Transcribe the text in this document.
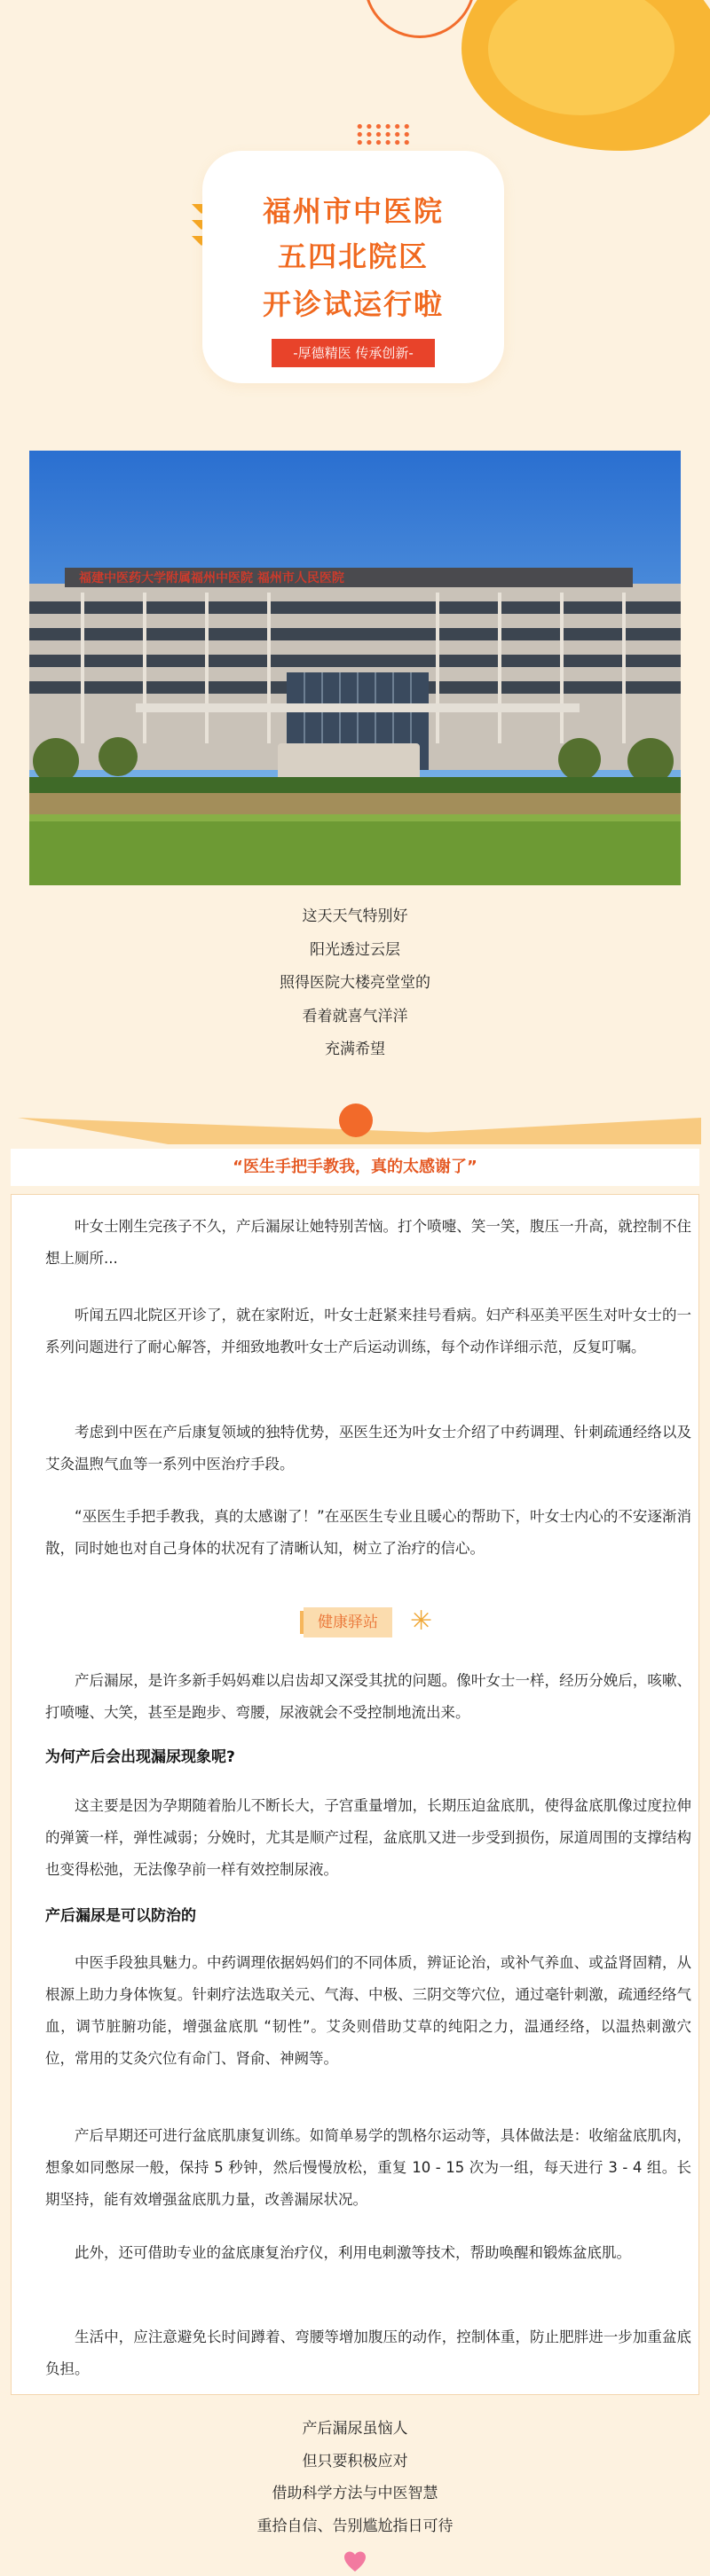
福州市中医院
五四北院区
开诊试运行啦
-厚德精医 传承创新-
福建中医药大学附属福州中医院 福州市人民医院
这天天气特别好
阳光透过云层
照得医院大楼亮堂堂的
看着就喜气洋洋
充满希望
“医生手把手教我，真的太感谢了”
叶女士刚生完孩子不久，产后漏尿让她特别苦恼。打个喷嚏、笑一笑，腹压一升高，就控制不住想上厕所...
听闻五四北院区开诊了，就在家附近，叶女士赶紧来挂号看病。妇产科巫美平医生对叶女士的一系列问题进行了耐心解答，并细致地教叶女士产后运动训练，每个动作详细示范，反复叮嘱。
考虑到中医在产后康复领域的独特优势，巫医生还为叶女士介绍了中药调理、针刺疏通经络以及艾灸温煦气血等一系列中医治疗手段。
“巫医生手把手教我，真的太感谢了！”在巫医生专业且暖心的帮助下，叶女士内心的不安逐渐消散，同时她也对自己身体的状况有了清晰认知，树立了治疗的信心。
健康驿站	✳
产后漏尿，是许多新手妈妈难以启齿却又深受其扰的问题。像叶女士一样，经历分娩后，咳嗽、打喷嚏、大笑，甚至是跑步、弯腰，尿液就会不受控制地流出来。
为何产后会出现漏尿现象呢?
这主要是因为孕期随着胎儿不断长大，子宫重量增加，长期压迫盆底肌，使得盆底肌像过度拉伸的弹簧一样，弹性减弱；分娩时，尤其是顺产过程，盆底肌又进一步受到损伤，尿道周围的支撑结构也变得松弛，无法像孕前一样有效控制尿液。
产后漏尿是可以防治的
中医手段独具魅力。中药调理依据妈妈们的不同体质，辨证论治，或补气养血、或益肾固精，从根源上助力身体恢复。针刺疗法选取关元、气海、中极、三阴交等穴位，通过毫针刺激，疏通经络气血，调节脏腑功能，增强盆底肌 “韧性”。艾灸则借助艾草的纯阳之力，温通经络，以温热刺激穴位，常用的艾灸穴位有命门、肾俞、神阙等。
产后早期还可进行盆底肌康复训练。如简单易学的凯格尔运动等，具体做法是：收缩盆底肌肉，想象如同憋尿一般，保持 5 秒钟，然后慢慢放松，重复 10 - 15 次为一组，每天进行 3 - 4 组。长期坚持，能有效增强盆底肌力量，改善漏尿状况。
此外，还可借助专业的盆底康复治疗仪，利用电刺激等技术，帮助唤醒和锻炼盆底肌。
生活中，应注意避免长时间蹲着、弯腰等增加腹压的动作，控制体重，防止肥胖进一步加重盆底负担。
产后漏尿虽恼人
但只要积极应对
借助科学方法与中医智慧
重拾自信、告别尴尬指日可待
